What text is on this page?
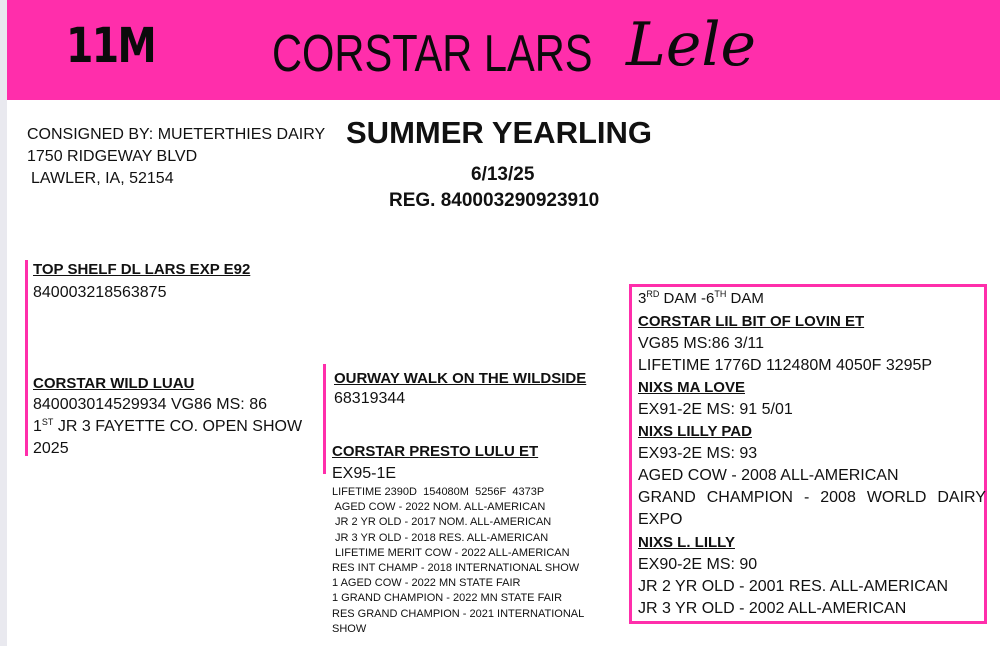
11M CORSTAR LARS Lele
CONSIGNED BY: MUETERTHIES DAIRY
1750 RIDGEWAY BLVD
LAWLER, IA, 52154
SUMMER YEARLING
6/13/25
REG. 840003290923910
TOP SHELF DL LARS EXP E92
840003218563875
CORSTAR WILD LUAU
840003014529934 VG86 MS: 86
1ST JR 3 FAYETTE CO. OPEN SHOW
2025
OURWAY WALK ON THE WILDSIDE
68319344
CORSTAR PRESTO LULU ET
EX95-1E
LIFETIME 2390D  154080M  5256F  4373P
AGED COW - 2022 NOM. ALL-AMERICAN
JR 2 YR OLD - 2017 NOM. ALL-AMERICAN
JR 3 YR OLD - 2018 RES. ALL-AMERICAN
LIFETIME MERIT COW - 2022 ALL-AMERICAN
RES INT CHAMP - 2018 INTERNATIONAL SHOW
1 AGED COW - 2022 MN STATE FAIR
1 GRAND CHAMPION - 2022 MN STATE FAIR
RES GRAND CHAMPION - 2021 INTERNATIONAL
SHOW
3RD DAM -6TH DAM
CORSTAR LIL BIT OF LOVIN ET
VG85 MS:86 3/11
LIFETIME 1776D 112480M 4050F 3295P
NIXS MA LOVE
EX91-2E MS: 91 5/01
NIXS LILLY PAD
EX93-2E MS: 93
AGED COW - 2008 ALL-AMERICAN
GRAND CHAMPION - 2008 WORLD DAIRY
EXPO
NIXS L. LILLY
EX90-2E MS: 90
JR 2 YR OLD - 2001 RES. ALL-AMERICAN
JR 3 YR OLD - 2002 ALL-AMERICAN
